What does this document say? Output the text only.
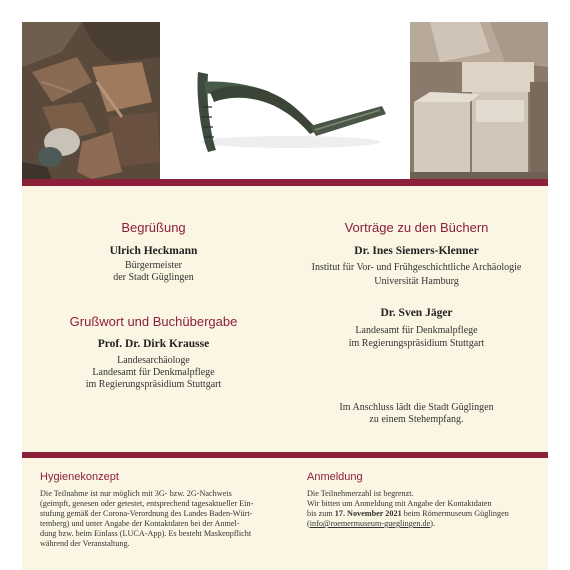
Begrüßung
Ulrich Heckmann
Bürgermeister
der Stadt Güglingen
Grußwort und Buchübergabe
Prof. Dr. Dirk Krausse
Landesarchäologe
Landesamt für Denkmalpflege
im Regierungspräsidium Stuttgart
Vorträge zu den Büchern
Dr. Ines Siemers-Klenner
Institut für Vor- und Frühgeschichtliche Archäologie
Universität Hamburg
Dr. Sven Jäger
Landesamt für Denkmalpflege
im Regierungspräsidium Stuttgart
Im Anschluss lädt die Stadt Güglingen
zu einem Stehempfang.
Hygienekonzept
Die Teilnahme ist nur möglich mit 3G- bzw. 2G-Nachweis
(geimpft, genesen oder getestet, entsprechend tagesaktueller Ein-
stufung gemäß der Corona-Verordnung des Landes Baden-Würt-
temberg) und unter Angabe der Kontaktdaten bei der Anmel-
dung bzw. beim Einlass (LUCA-App). Es besteht Maskenpflicht
während der Veranstaltung.
Anmeldung
Die Teilnehmerzahl ist begrenzt.
Wir bitten um Anmeldung mit Angabe der Kontaktdaten
bis zum 17. November 2021 beim Römermuseum Güglingen
(info@roemermuseum-gueglingen.de).
